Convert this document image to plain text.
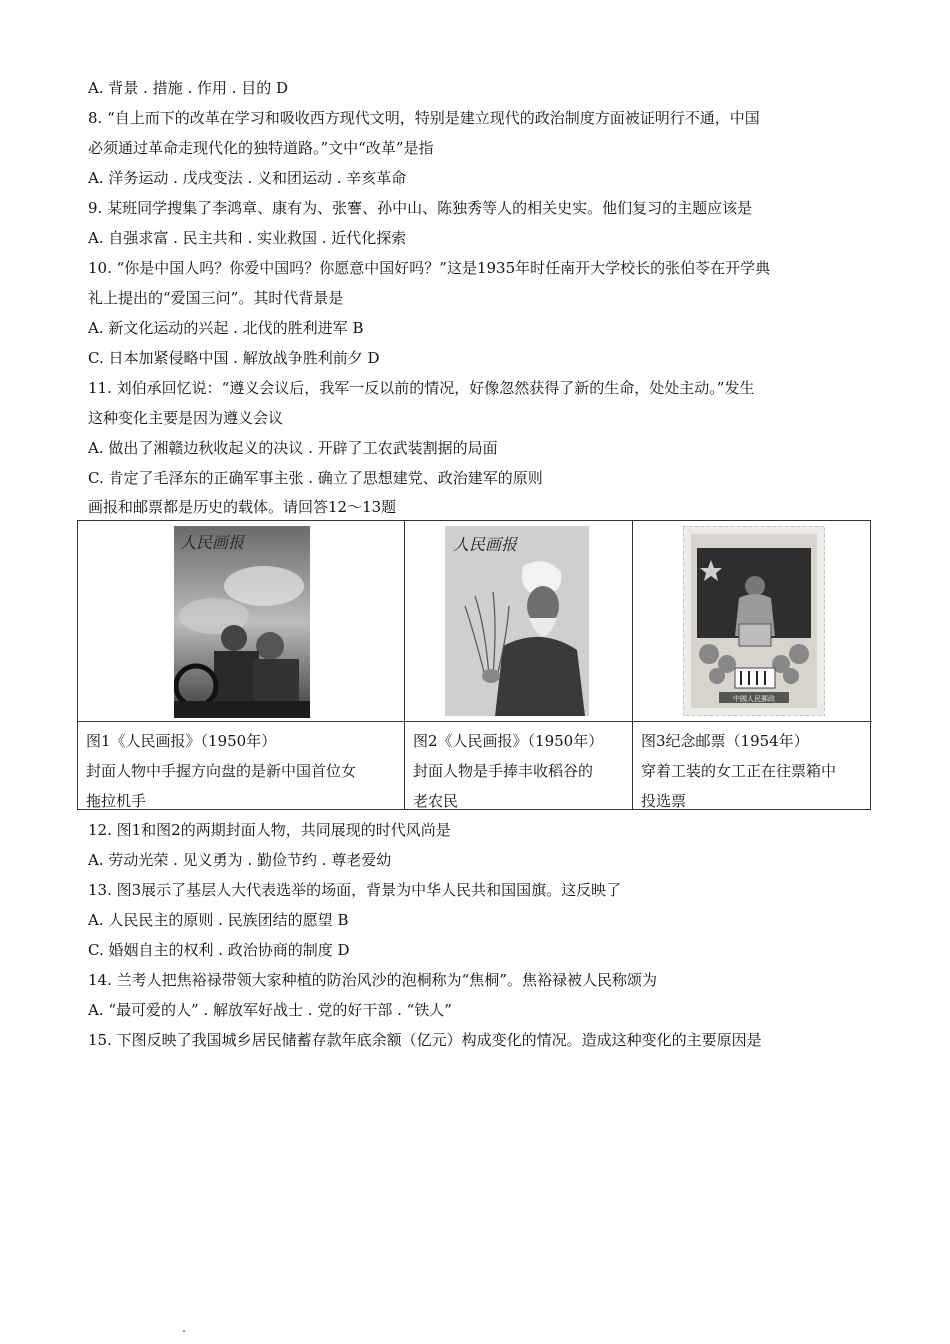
A. 背景 . 措施 . 作用 . 目的 D
8. “自上而下的改革在学习和吸收西方现代文明，特别是建立现代的政治制度方面被证明行不通，中国
必须通过革命走现代化的独特道路。”文中“改革”是指
A. 洋务运动 . 戊戌变法 . 义和团运动 . 辛亥革命
9. 某班同学搜集了李鸿章、康有为、张謇、孙中山、陈独秀等人的相关史实。他们复习的主题应该是
A. 自强求富 . 民主共和 . 实业救国 . 近代化探索
10. “你是中国人吗？你爱中国吗？你愿意中国好吗？”这是1935年时任南开大学校长的张伯苓在开学典
礼上提出的“爱国三问”。其时代背景是
A. 新文化运动的兴起 . 北伐的胜利进军 B
C. 日本加紧侵略中国 . 解放战争胜利前夕 D
11. 刘伯承回忆说：“遵义会议后，我军一反以前的情况，好像忽然获得了新的生命，处处主动。”发生
这种变化主要是因为遵义会议
A. 做出了湘赣边秋收起义的决议 . 开辟了工农武装割据的局面
C. 肯定了毛泽东的正确军事主张 . 确立了思想建党、政治建军的原则
画报和邮票都是历史的载体。请回答12～13题
人民画报
图1《人民画报》（1950年）
封面人物中手握方向盘的是新中国首位女
拖拉机手
人民画报
图2《人民画报》（1950年）
封面人物是手捧丰收稻谷的
老农民
中國人民郵政
图3纪念邮票（1954年）
穿着工装的女工正在往票箱中
投选票
12. 图1和图2的两期封面人物，共同展现的时代风尚是
A. 劳动光荣 . 见义勇为 . 勤俭节约 . 尊老爱幼
13. 图3展示了基层人大代表选举的场面，背景为中华人民共和国国旗。这反映了
A. 人民民主的原则 . 民族团结的愿望 B
C. 婚姻自主的权利 . 政治协商的制度 D
14. 兰考人把焦裕禄带领大家种植的防治风沙的泡桐称为“焦桐”。焦裕禄被人民称颂为
A. “最可爱的人” . 解放军好战士 . 党的好干部 . “铁人”
15. 下图反映了我国城乡居民储蓄存款年底余额（亿元）构成变化的情况。造成这种变化的主要原因是
